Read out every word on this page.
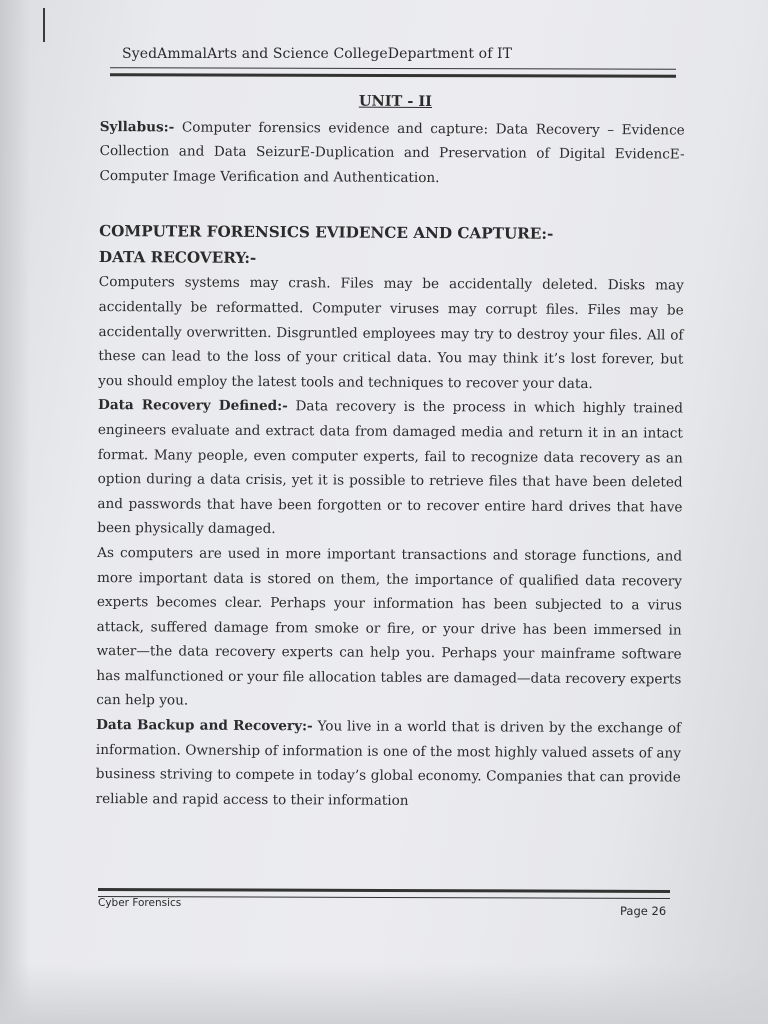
SyedAmmalArts and Science CollegeDepartment of IT
UNIT - II

Syllabus:- Computer forensics evidence and capture: Data Recovery – Evidence Collection and Data SeizurE-Duplication and Preservation of Digital EvidencE-Computer Image Verification and Authentication.

COMPUTER FORENSICS EVIDENCE AND CAPTURE:-
DATA RECOVERY:-

Computers systems may crash. Files may be accidentally deleted. Disks may accidentally be reformatted. Computer viruses may corrupt files. Files may be accidentally overwritten. Disgruntled employees may try to destroy your files. All of these can lead to the loss of your critical data. You may think it’s lost forever, but you should employ the latest tools and techniques to recover your data.

Data Recovery Defined:- Data recovery is the process in which highly trained engineers evaluate and extract data from damaged media and return it in an intact format. Many people, even computer experts, fail to recognize data recovery as an option during a data crisis, yet it is possible to retrieve files that have been deleted and passwords that have been forgotten or to recover entire hard drives that have been physically damaged.

As computers are used in more important transactions and storage functions, and more important data is stored on them, the importance of qualified data recovery experts becomes clear. Perhaps your information has been subjected to a virus attack, suffered damage from smoke or fire, or your drive has been immersed in water—the data recovery experts can help you. Perhaps your mainframe software has malfunctioned or your file allocation tables are damaged—data recovery experts can help you.

Data Backup and Recovery:- You live in a world that is driven by the exchange of information. Ownership of information is one of the most highly valued assets of any business striving to compete in today’s global economy. Companies that can provide reliable and rapid access to their information

Cyber Forensics
Page 26
